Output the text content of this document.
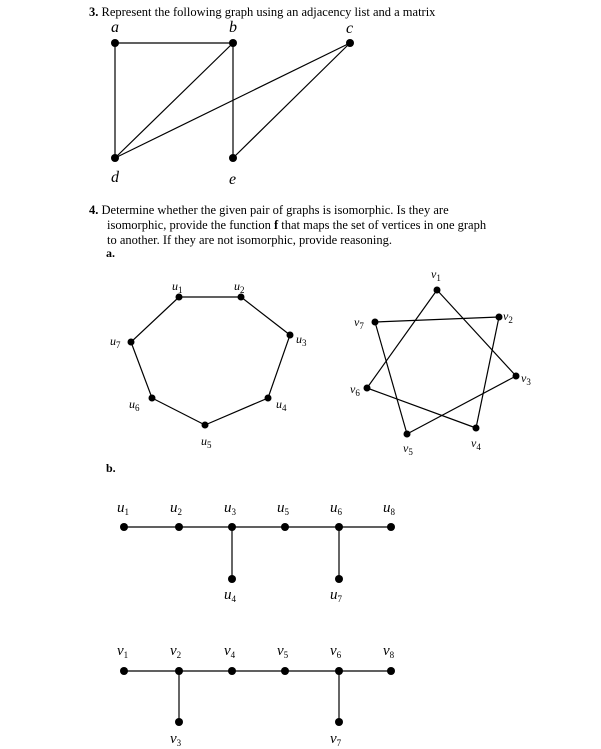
3. Represent the following graph using an adjacency list and a matrix
4. Determine whether the given pair of graphs is isomorphic. Is they are
isomorphic, provide the function f that maps the set of vertices in one graph
to another. If they are not isomorphic, provide reasoning.
a.
b.
a	b	c
d	e
$u_1$	$u_2$
$u_3$
$u_4$
$u_5$
$u_6$
$u_7$
$v_1$
$v_2$
$v_3$
$v_4$
$v_5$
$v_6$
$v_7$
$u_1$	$u_2$	$u_3$	$u_5$	$u_6$	$u_8$
$u_4$	$u_7$
$v_1$	$v_2$	$v_4$	$v_5$	$v_6$	$v_8$
$v_3$	$v_7$
